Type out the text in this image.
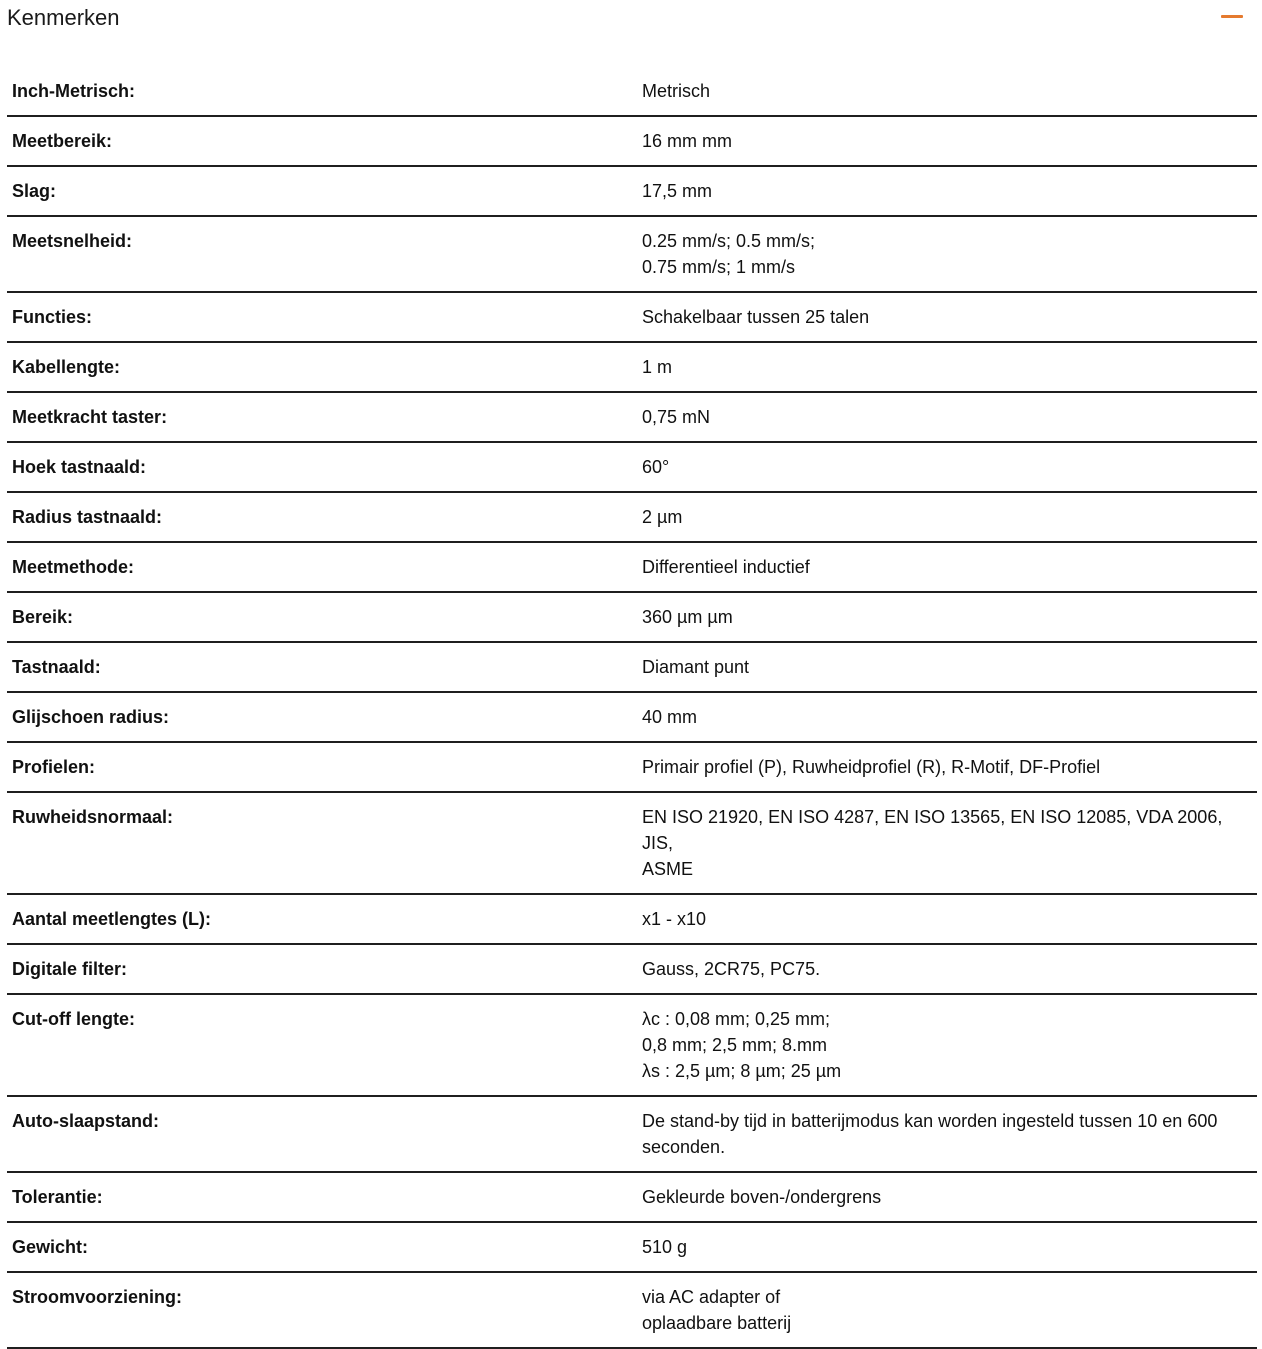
Kenmerken
Inch-Metrisch:	Metrisch
Meetbereik:	16 mm mm
Slag:	17,5 mm
Meetsnelheid:	0.25 mm/s; 0.5 mm/s;
0.75 mm/s; 1 mm/s
Functies:	Schakelbaar tussen 25 talen
Kabellengte:	1 m
Meetkracht taster:	0,75 mN
Hoek tastnaald:	60°
Radius tastnaald:	2 µm
Meetmethode:	Differentieel inductief
Bereik:	360 µm µm
Tastnaald:	Diamant punt
Glijschoen radius:	40 mm
Profielen:	Primair profiel (P), Ruwheidprofiel (R), R-Motif, DF-Profiel
Ruwheidsnormaal:	EN ISO 21920, EN ISO 4287, EN ISO 13565, EN ISO 12085, VDA 2006, JIS,
ASME
Aantal meetlengtes (L):	x1 - x10
Digitale filter:	Gauss, 2CR75, PC75.
Cut-off lengte:	λc : 0,08 mm; 0,25 mm;
0,8 mm; 2,5 mm; 8.mm
λs : 2,5 µm; 8 µm; 25 µm
Auto-slaapstand:	De stand-by tijd in batterijmodus kan worden ingesteld tussen 10 en 600
seconden.
Tolerantie:	Gekleurde boven-/ondergrens
Gewicht:	510 g
Stroomvoorziening:	via AC adapter of
oplaadbare batterij
